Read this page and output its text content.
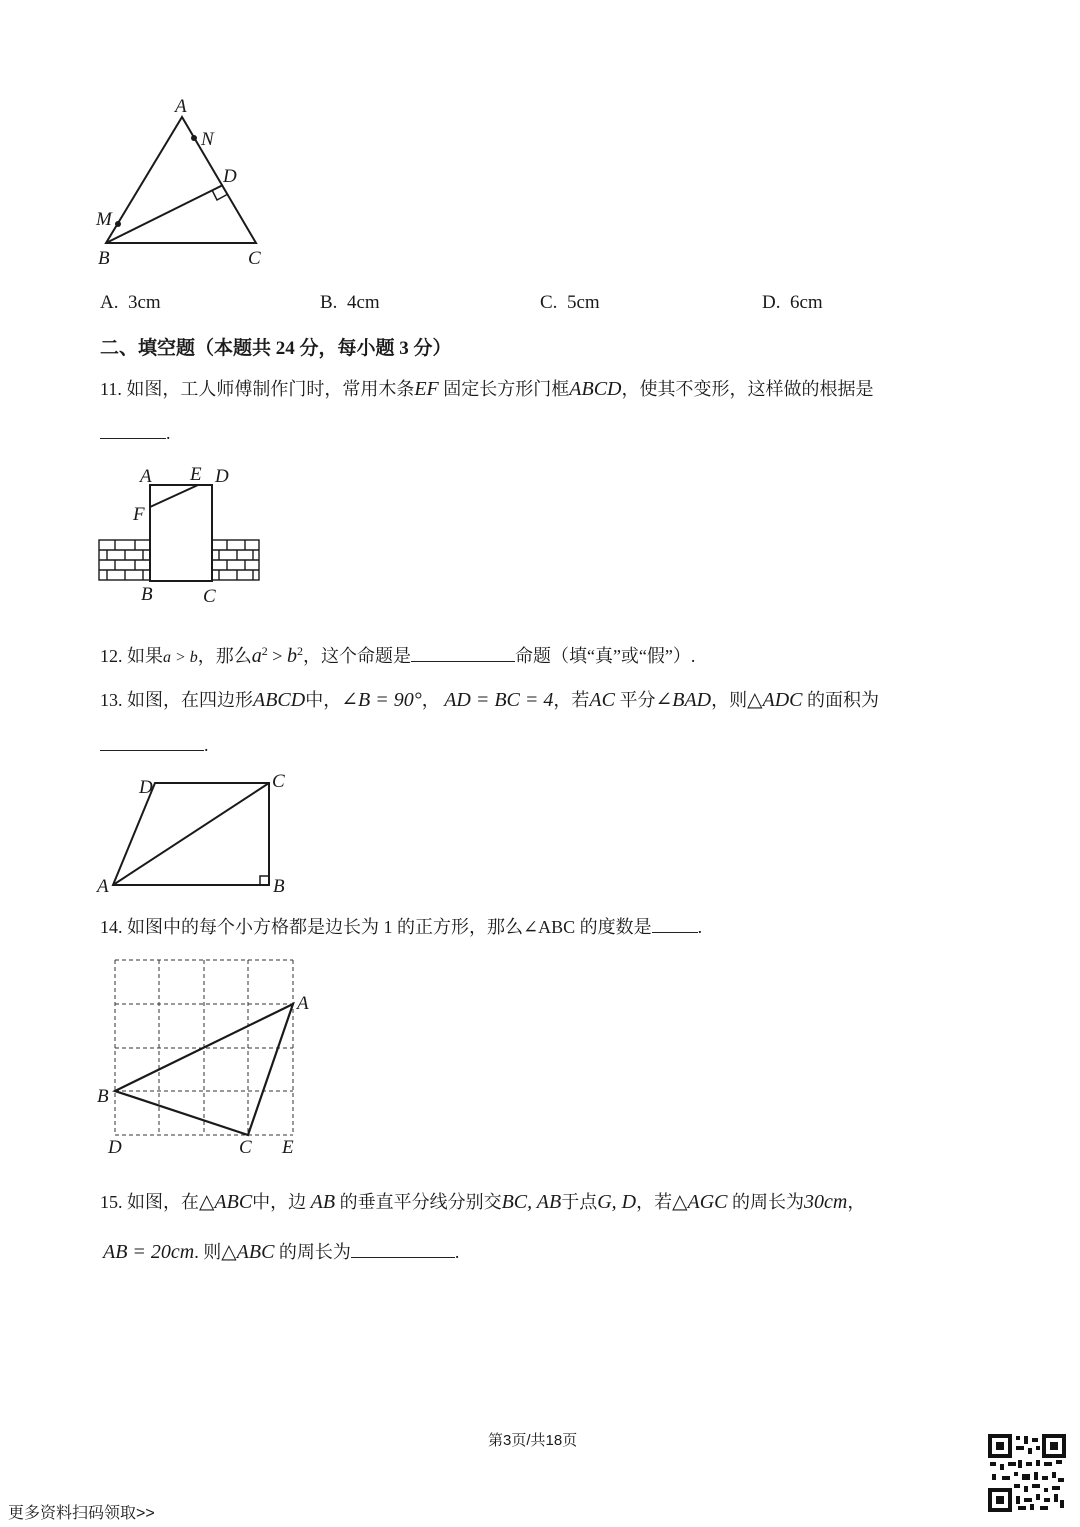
A
N
D
M
B	C
A. 3cm	B. 4cm	C. 5cm	D. 6cm
二、填空题（本题共 24 分，每小题 3 分）
11. 如图，工人师傅制作门时，常用木条EF 固定长方形门框ABCD，使其不变形，这样做的根据是
.
A E D
F
B	C
12. 如果a > b，那么$a^2 > b^2$，这个命题是	命题（填“真”或“假”）.
13. 如图，在四边形ABCD中，∠B = 90°， AD = BC = 4，若AC 平分∠BAD，则△ADC 的面积为
.
D	C
A	B
14. 如图中的每个小方格都是边长为 1 的正方形，那么∠ABC 的度数是	.
A
B
D	C E
15. 如图，在△ABC中，边 AB 的垂直平分线分别交BC, AB于点G, D，若△AGC 的周长为30cm，
AB = 20cm. 则△ABC 的周长为	.
第3页/共18页
更多资料扫码领取>>
